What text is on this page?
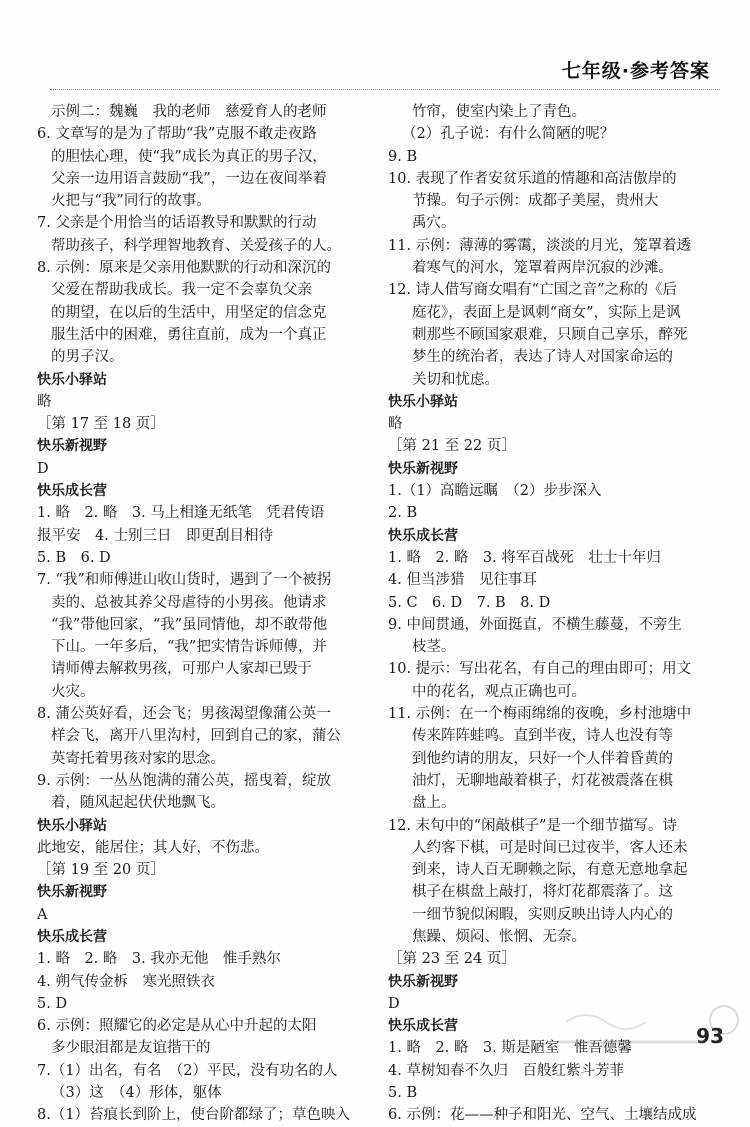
七年级·参考答案
示例二：魏巍　我的老师　慈爱育人的老师
6. 文章写的是为了帮助“我”克服不敢走夜路
的胆怯心理，使“我”成长为真正的男子汉，
父亲一边用语言鼓励“我”，一边在夜间举着
火把与“我”同行的故事。
7. 父亲是个用恰当的话语教导和默默的行动
帮助孩子，科学理智地教育、关爱孩子的人。
8. 示例：原来是父亲用他默默的行动和深沉的
父爱在帮助我成长。我一定不会辜负父亲
的期望，在以后的生活中，用坚定的信念克
服生活中的困难，勇往直前，成为一个真正
的男子汉。
快乐小驿站
略
［第 17 至 18 页］
快乐新视野
D
快乐成长营
1. 略　2. 略　3. 马上相逢无纸笔　凭君传语
报平安　4. 士别三日　即更刮目相待
5. B　6. D
7. “我”和师傅进山收山货时，遇到了一个被拐
卖的、总被其养父母虐待的小男孩。他请求
“我”带他回家，“我”虽同情他，却不敢带他
下山。一年多后，“我”把实情告诉师傅，并
请师傅去解救男孩，可那户人家却已毁于
火灾。
8. 蒲公英好看，还会飞；男孩渴望像蒲公英一
样会飞，离开八里沟村，回到自己的家，蒲公
英寄托着男孩对家的思念。
9. 示例：一丛丛饱满的蒲公英，摇曳着，绽放
着，随风起起伏伏地飘飞。
快乐小驿站
此地安，能居住；其人好，不伤悲。
［第 19 至 20 页］
快乐新视野
A
快乐成长营
1. 略　2. 略　3. 我亦无他　惟手熟尔
4. 朔气传金柝　寒光照铁衣
5. D
6. 示例：照耀它的必定是从心中升起的太阳
多少眼泪都是友谊揩干的
7.（1）出名，有名　（2）平民，没有功名的人
（3）这　（4）形体，躯体
8.（1）苔痕长到阶上，使台阶都绿了；草色映入
竹帘，使室内染上了青色。
（2）孔子说：有什么简陋的呢？
9. B
10. 表现了作者安贫乐道的情趣和高洁傲岸的
节操。句子示例：成都子美屋，贵州大
禹穴。
11. 示例：薄薄的雾霭，淡淡的月光，笼罩着透
着寒气的河水，笼罩着两岸沉寂的沙滩。
12. 诗人借写商女唱有“亡国之音”之称的《后
庭花》，表面上是讽刺“商女”，实际上是讽
刺那些不顾国家艰难，只顾自己享乐，醉死
梦生的统治者，表达了诗人对国家命运的
关切和忧虑。
快乐小驿站
略
［第 21 至 22 页］
快乐新视野
1.（1）高瞻远瞩　（2）步步深入
2. B
快乐成长营
1. 略　2. 略　3. 将军百战死　壮士十年归
4. 但当涉猎　见往事耳
5. C　6. D　7. B　8. D
9. 中间贯通，外面挺直，不横生藤蔓，不旁生
枝茎。
10. 提示：写出花名，有自己的理由即可；用文
中的花名，观点正确也可。
11. 示例：在一个梅雨绵绵的夜晚，乡村池塘中
传来阵阵蛙鸣。直到半夜，诗人也没有等
到他约请的朋友，只好一个人伴着昏黄的
油灯，无聊地敲着棋子，灯花被震落在棋
盘上。
12. 末句中的“闲敲棋子”是一个细节描写。诗
人约客下棋，可是时间已过夜半，客人还未
到来，诗人百无聊赖之际，有意无意地拿起
棋子在棋盘上敲打，将灯花都震落了。这
一细节貌似闲暇，实则反映出诗人内心的
焦躁、烦闷、怅惘、无奈。
［第 23 至 24 页］
快乐新视野
D
快乐成长营
1. 略　2. 略　3. 斯是陋室　惟吾德馨
4. 草树知春不久归　百般红紫斗芳菲
5. B
6. 示例：花——种子和阳光、空气、土壤结成成
93
